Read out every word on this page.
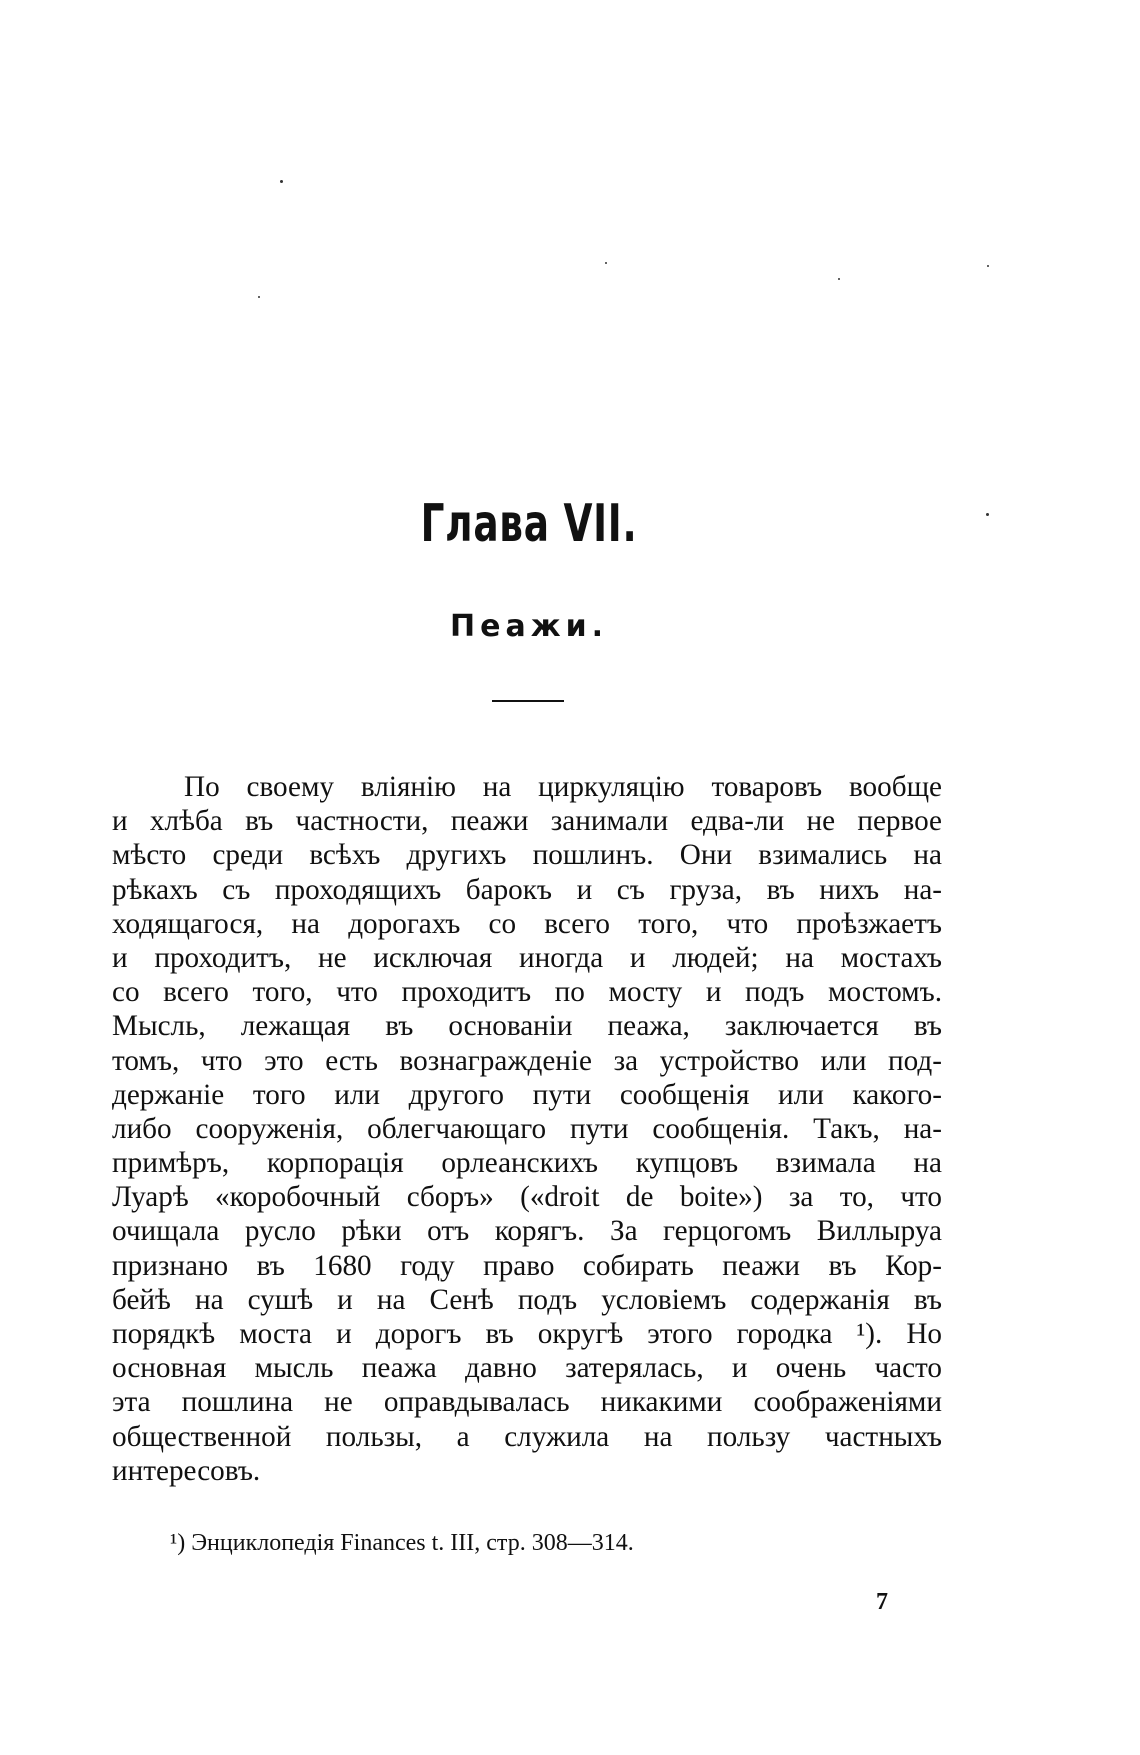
Глава VII.
Пеажи.
По своему вліянію на циркуляцію товаровъ вообще
и хлѣба въ частности, пеажи занимали едва-ли не первое
мѣсто среди всѣхъ другихъ пошлинъ. Они взимались на
рѣкахъ съ проходящихъ барокъ и съ груза, въ нихъ на-
ходящагося, на дорогахъ со всего того, что проѣзжаетъ
и проходитъ, не исключая иногда и людей; на мостахъ
со всего того, что проходитъ по мосту и подъ мостомъ.
Мысль, лежащая въ основаніи пеажа, заключается въ
томъ, что это есть вознагражденіе за устройство или под-
держаніе того или другого пути сообщенія или какого-
либо сооруженія, облегчающаго пути сообщенія. Такъ, на-
примѣръ, корпорація орлеанскихъ купцовъ взимала на
Луарѣ «коробочный сборъ» («droit de boite») за то, что
очищала русло рѣки отъ корягъ. За герцогомъ Виллыруа
признано въ 1680 году право собирать пеажи въ Кор-
бейѣ на сушѣ и на Сенѣ подъ условіемъ содержанія въ
порядкѣ моста и дорогъ въ округѣ этого городка ¹). Но
основная мысль пеажа давно затерялась, и очень часто
эта пошлина не оправдывалась никакими соображеніями
общественной пользы, а служила на пользу частныхъ
интересовъ.
¹) Энциклопедія Finances t. III, стр. 308—314.
7
